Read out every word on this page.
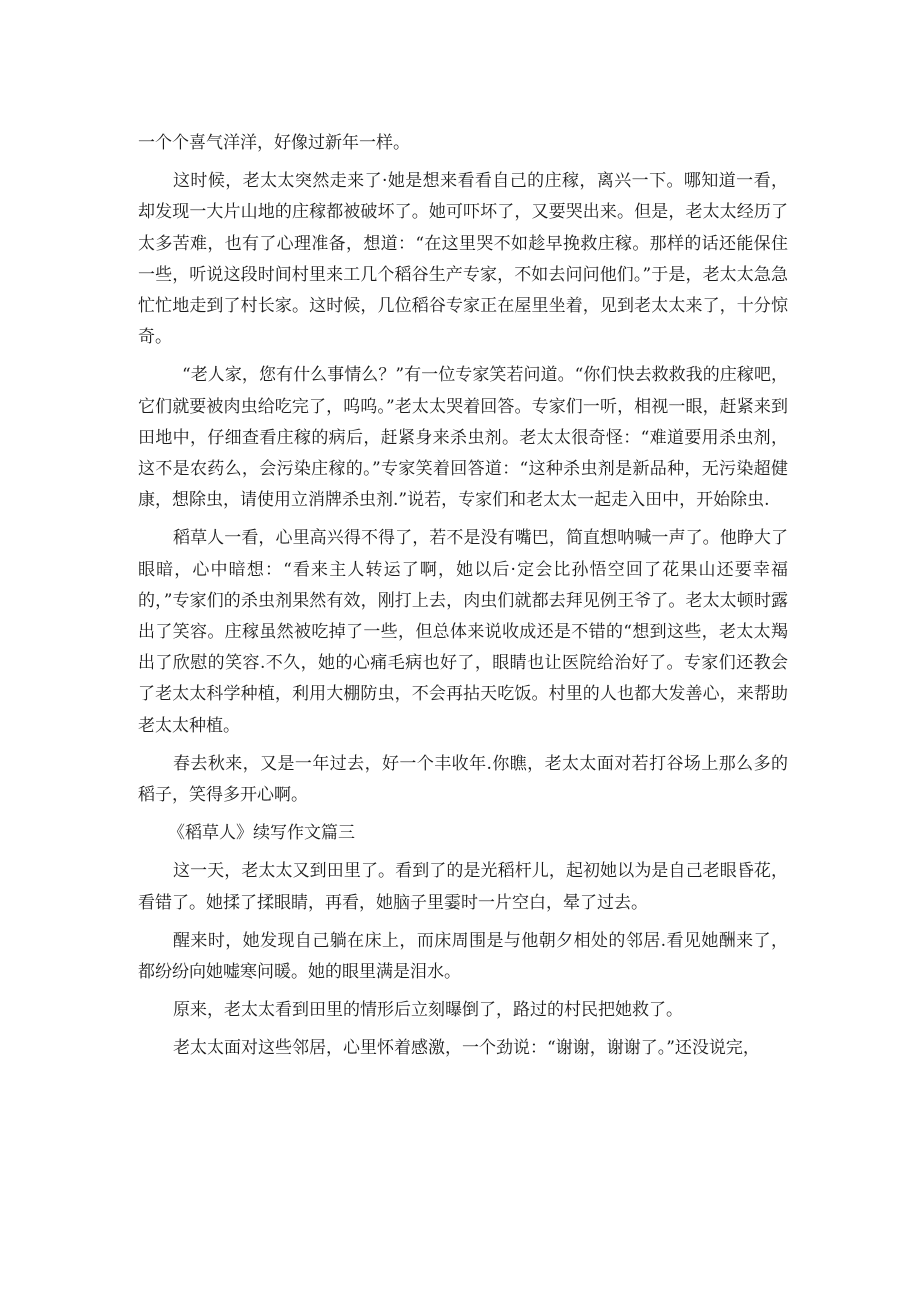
一个个喜气洋洋，好像过新年一样。

这时候，老太太突然走来了·她是想来看看自己的庄稼，离兴一下。哪知道一看，却发现一大片山地的庄稼都被破坏了。她可吓坏了，又要哭出来。但是，老太太经历了太多苦难，也有了心理准备，想道：“在这里哭不如趁早挽救庄稼。那样的话还能保住一些，听说这段时间村里来工几个稻谷生产专家，不如去问问他们。”于是，老太太急急忙忙地走到了村长家。这时候，几位稻谷专家正在屋里坐着，见到老太太来了，十分惊奇。

“老人家，您有什么事情么？”有一位专家笑若问道。“你们快去救救我的庄稼吧，它们就要被肉虫给吃完了，呜呜。”老太太哭着回答。专家们一听，相视一眼，赶紧来到田地中，仔细查看庄稼的病后，赶紧身来杀虫剂。老太太很奇怪：“难道要用杀虫剂，这不是农药么，会污染庄稼的。”专家笑着回答道：“这种杀虫剂是新品种，无污染超健康，想除虫，请使用立消牌杀虫剂.”说若，专家们和老太太一起走入田中，开始除虫.

稻草人一看，心里高兴得不得了，若不是没有嘴巴，简直想呐喊一声了。他睁大了眼暗，心中暗想：“看来主人转运了啊，她以后·定会比孙悟空回了花果山还要幸福的，”专家们的杀虫剂果然有效，刚打上去，肉虫们就都去拜见例王爷了。老太太顿时露出了笑容。庄稼虽然被吃掉了一些，但总体来说收成还是不错的“想到这些，老太太羯出了欣慰的笑容.不久，她的心痛毛病也好了，眼睛也让医院给治好了。专家们还教会了老太太科学种植，利用大棚防虫，不会再拈天吃饭。村里的人也都大发善心，来帮助老太太种植。

春去秋来，又是一年过去，好一个丰收年.你瞧，老太太面对若打谷场上那么多的稻子，笑得多开心啊。

《稻草人》续写作文篇三

这一天，老太太又到田里了。看到了的是光稻杆儿，起初她以为是自己老眼昏花，看错了。她揉了揉眼睛，再看，她脑子里霎时一片空白，晕了过去。

醒来时，她发现自己躺在床上，而床周围是与他朝夕相处的邻居.看见她酬来了，都纷纷向她嘘寒问暖。她的眼里满是泪水。

原来，老太太看到田里的情形后立刻曝倒了，路过的村民把她救了。

老太太面对这些邻居，心里怀着感激，一个劲说：“谢谢，谢谢了。”还没说完，
